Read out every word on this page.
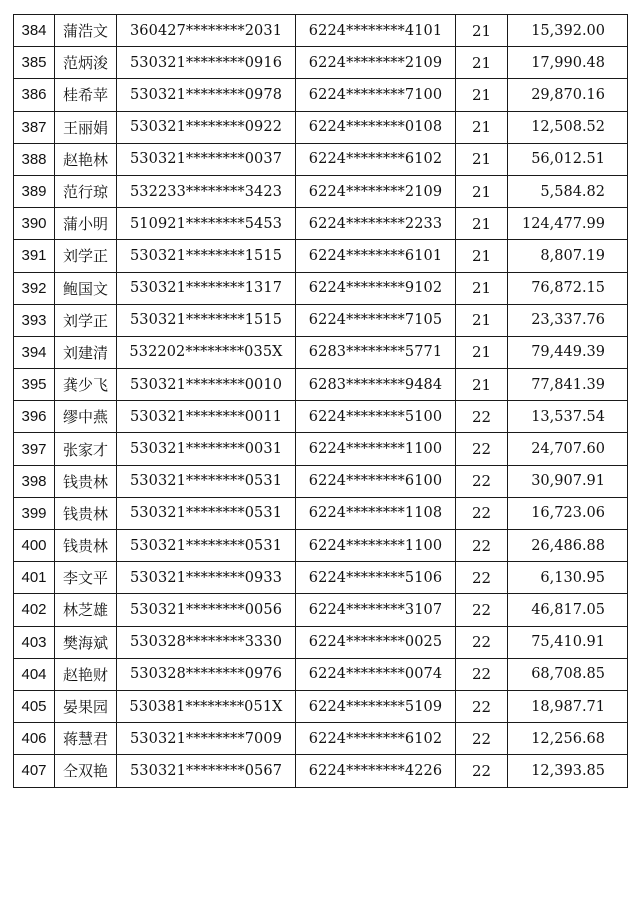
384	蒲浩文	360427********2031	6224********4101	21	15,392.00
385	范炳浚	530321********0916	6224********2109	21	17,990.48
386	桂希苹	530321********0978	6224********7100	21	29,870.16
387	王丽娟	530321********0922	6224********0108	21	12,508.52
388	赵艳林	530321********0037	6224********6102	21	56,012.51
389	范行琼	532233********3423	6224********2109	21	5,584.82
390	蒲小明	510921********5453	6224********2233	21	124,477.99
391	刘学正	530321********1515	6224********6101	21	8,807.19
392	鲍国文	530321********1317	6224********9102	21	76,872.15
393	刘学正	530321********1515	6224********7105	21	23,337.76
394	刘建清	532202********035X	6283********5771	21	79,449.39
395	龚少飞	530321********0010	6283********9484	21	77,841.39
396	缪中燕	530321********0011	6224********5100	22	13,537.54
397	张家才	530321********0031	6224********1100	22	24,707.60
398	钱贵林	530321********0531	6224********6100	22	30,907.91
399	钱贵林	530321********0531	6224********1108	22	16,723.06
400	钱贵林	530321********0531	6224********1100	22	26,486.88
401	李文平	530321********0933	6224********5106	22	6,130.95
402	林芝雄	530321********0056	6224********3107	22	46,817.05
403	樊海斌	530328********3330	6224********0025	22	75,410.91
404	赵艳财	530328********0976	6224********0074	22	68,708.85
405	晏果园	530381********051X	6224********5109	22	18,987.71
406	蒋慧君	530321********7009	6224********6102	22	12,256.68
407	仝双艳	530321********0567	6224********4226	22	12,393.85
